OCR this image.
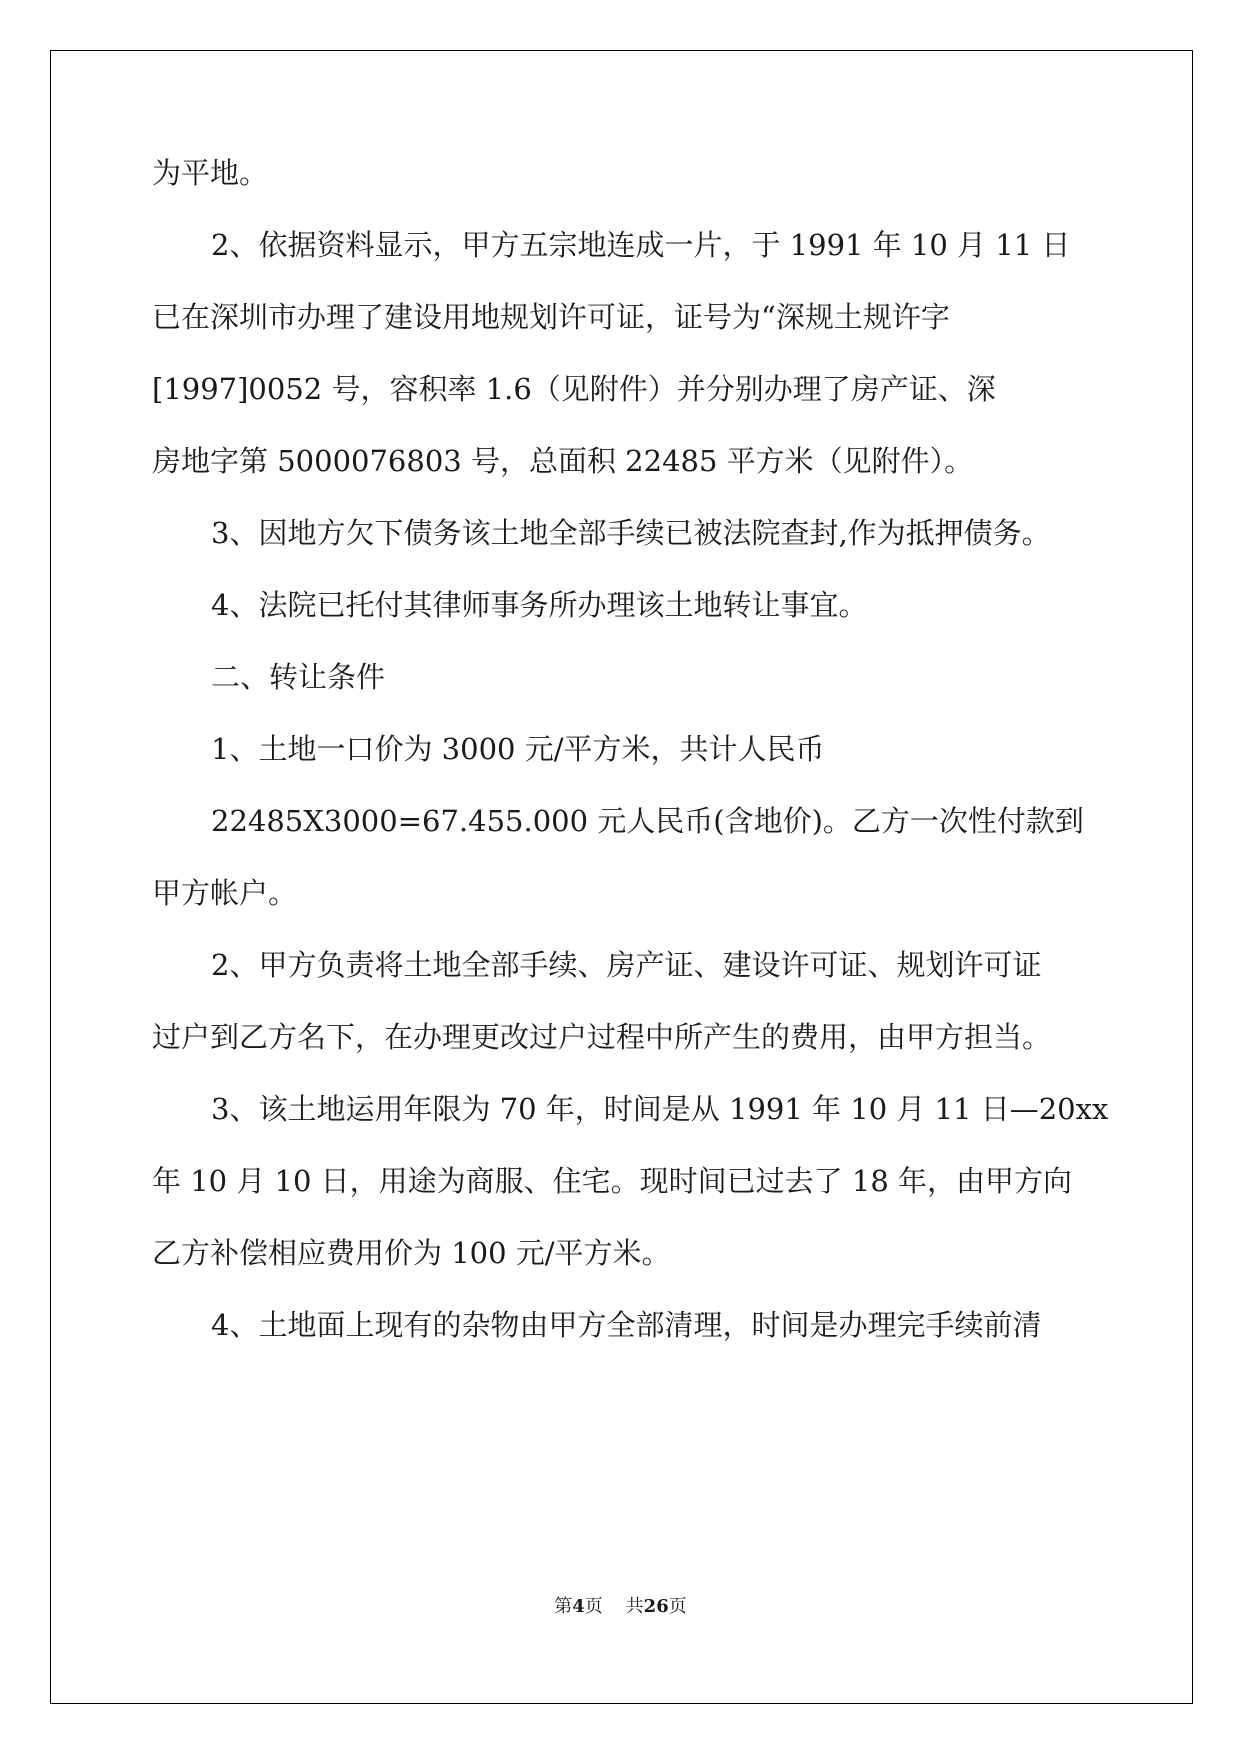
为平地。
2、依据资料显示，甲方五宗地连成一片，于 1991 年 10 月 11 日
已在深圳市办理了建设用地规划许可证，证号为“深规土规许字
[1997]0052 号，容积率 1.6（见附件）并分别办理了房产证、深
房地字第 5000076803 号，总面积 22485 平方米（见附件）。
3、因地方欠下债务该土地全部手续已被法院查封,作为抵押债务。
4、法院已托付其律师事务所办理该土地转让事宜。
二、转让条件
1、土地一口价为 3000 元/平方米，共计人民币
22485X3000=67.455.000 元人民币(含地价)。乙方一次性付款到
甲方帐户。
2、甲方负责将土地全部手续、房产证、建设许可证、规划许可证
过户到乙方名下，在办理更改过户过程中所产生的费用，由甲方担当。
3、该土地运用年限为 70 年，时间是从 1991 年 10 月 11 日—20xx
年 10 月 10 日，用途为商服、住宅。现时间已过去了 18 年，由甲方向
乙方补偿相应费用价为 100 元/平方米。
4、土地面上现有的杂物由甲方全部清理，时间是办理完手续前清
第4页 共26页
